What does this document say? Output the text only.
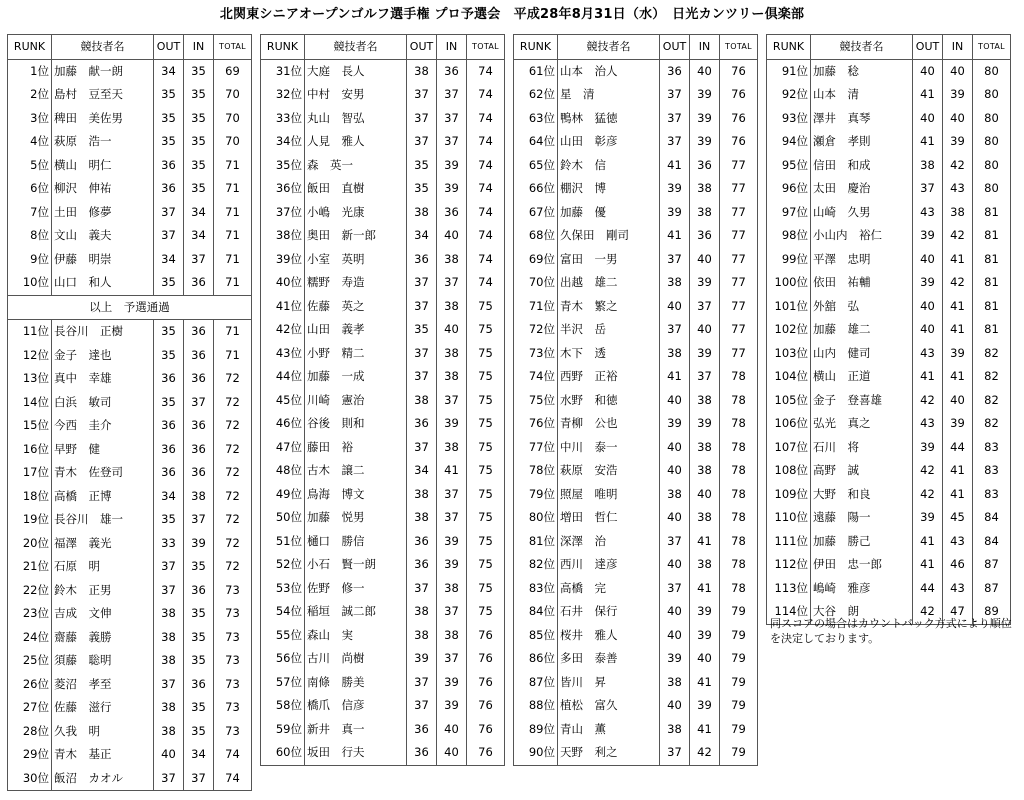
北関東シニアオープンゴルフ選手権 プロ予選会　平成28年8月31日（水）　日光カンツリー倶楽部
RUNK	競技者名	OUT	IN	TOTAL
1位	加藤　献一朗	34	35	69
2位	島村　豆至天	35	35	70
3位	稗田　美佐男	35	35	70
4位	萩原　浩一	35	35	70
5位	横山　明仁	36	35	71
6位	柳沢　伸祐	36	35	71
7位	土田　修夢	37	34	71
8位	文山　義夫	37	34	71
9位	伊藤　明崇	34	37	71
10位	山口　和人	35	36	71
以上　予選通過				
11位	長谷川　正樹	35	36	71
12位	金子　達也	35	36	71
13位	真中　幸雄	36	36	72
14位	白浜　敏司	35	37	72
15位	今西　圭介	36	36	72
16位	早野　健	36	36	72
17位	青木　佐登司	36	36	72
18位	高橋　正博	34	38	72
19位	長谷川　雄一	35	37	72
20位	福澤　義光	33	39	72
21位	石原　明	37	35	72
22位	鈴木　正男	37	36	73
23位	吉成　文伸	38	35	73
24位	齋藤　義勝	38	35	73
25位	須藤　聡明	38	35	73
26位	菱沼　孝至	37	36	73
27位	佐藤　滋行	38	35	73
28位	久我　明	38	35	73
29位	青木　基正	40	34	74
30位	飯沼　カオル	37	37	74
RUNK	競技者名	OUT	IN	TOTAL
31位	大庭　長人	38	36	74
32位	中村　安男	37	37	74
33位	丸山　智弘	37	37	74
34位	人見　雅人	37	37	74
35位	森　英一	35	39	74
36位	飯田　直樹	35	39	74
37位	小嶋　光康	38	36	74
38位	奥田　新一郎	34	40	74
39位	小室　英明	36	38	74
40位	糯野　寿造	37	37	74
41位	佐藤　英之	37	38	75
42位	山田　義孝	35	40	75
43位	小野　精二	37	38	75
44位	加藤　一成	37	38	75
45位	川崎　憲治	38	37	75
46位	谷後　則和	36	39	75
47位	藤田　裕	37	38	75
48位	古木　譲二	34	41	75
49位	鳥海　博文	38	37	75
50位	加藤　悦男	38	37	75
51位	樋口　勝信	36	39	75
52位	小石　賢一朗	36	39	75
53位	佐野　修一	37	38	75
54位	稲垣　誠二郎	38	37	75
55位	森山　実	38	38	76
56位	古川　尚樹	39	37	76
57位	南條　勝美	37	39	76
58位	橋爪　信彦	37	39	76
59位	新井　真一	36	40	76
60位	坂田　行夫	36	40	76
RUNK	競技者名	OUT	IN	TOTAL
61位	山本　治人	36	40	76
62位	星　清	37	39	76
63位	鴨林　猛徳	37	39	76
64位	山田　彰彦	37	39	76
65位	鈴木　信	41	36	77
66位	棚沢　博	39	38	77
67位	加藤　優	39	38	77
68位	久保田　剛司	41	36	77
69位	富田　一男	37	40	77
70位	出越　雄二	38	39	77
71位	青木　繁之	40	37	77
72位	半沢　岳	37	40	77
73位	木下　透	38	39	77
74位	西野　正裕	41	37	78
75位	水野　和徳	40	38	78
76位	青柳　公也	39	39	78
77位	中川　泰一	40	38	78
78位	萩原　安浩	40	38	78
79位	照屋　唯明	38	40	78
80位	増田　哲仁	40	38	78
81位	深澤　治	37	41	78
82位	西川　達彦	40	38	78
83位	高橋　完	37	41	78
84位	石井　保行	40	39	79
85位	桜井　雅人	40	39	79
86位	多田　泰善	39	40	79
87位	皆川　昇	38	41	79
88位	植松　富久	40	39	79
89位	青山　薫	38	41	79
90位	天野　利之	37	42	79
RUNK	競技者名	OUT	IN	TOTAL
91位	加藤　稔	40	40	80
92位	山本　清	41	39	80
93位	澤井　真琴	40	40	80
94位	瀬倉　孝則	41	39	80
95位	信田　和成	38	42	80
96位	太田　慶治	37	43	80
97位	山崎　久男	43	38	81
98位	小山内　裕仁	39	42	81
99位	平澤　忠明	40	41	81
100位	依田　祐輔	39	42	81
101位	外舘　弘	40	41	81
102位	加藤　雄二	40	41	81
103位	山内　健司	43	39	82
104位	横山　正道	41	41	82
105位	金子　登喜雄	42	40	82
106位	弘光　真之	43	39	82
107位	石川　将	39	44	83
108位	高野　誠	42	41	83
109位	大野　和良	42	41	83
110位	遠藤　陽一	39	45	84
111位	加藤　勝己	41	43	84
112位	伊田　忠一郎	41	46	87
113位	嶋崎　雅彦	44	43	87
114位	大谷　朗	42	47	89
同スコアの場合はカウントバック方式により順位を決定しております。
